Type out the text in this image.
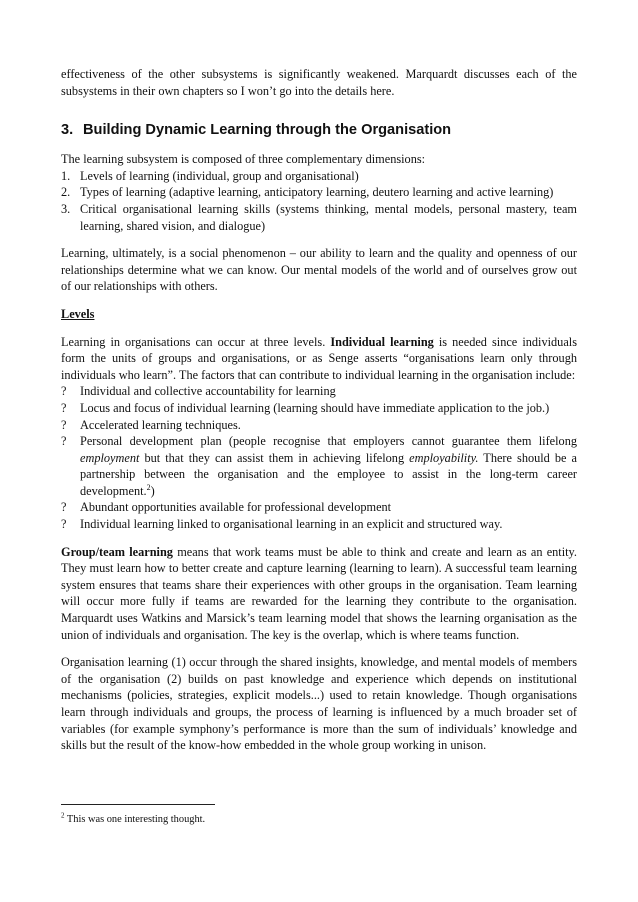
effectiveness of the other subsystems is significantly weakened. Marquardt discusses each of the subsystems in their own chapters so I won’t go into the details here.

3. Building Dynamic Learning through the Organisation

The learning subsystem is composed of three complementary dimensions:

1. Levels of learning (individual, group and organisational)
2. Types of learning (adaptive learning, anticipatory learning, deutero learning and active learning)
3. Critical organisational learning skills (systems thinking, mental models, personal mastery, team learning, shared vision, and dialogue)

Learning, ultimately, is a social phenomenon – our ability to learn and the quality and openness of our relationships determine what we can know. Our mental models of the world and of ourselves grow out of our relationships with others.

Levels

Learning in organisations can occur at three levels. Individual learning is needed since individuals form the units of groups and organisations, or as Senge asserts “organisations learn only through individuals who learn”. The factors that can contribute to individual learning in the organisation include:

? Individual and collective accountability for learning
? Locus and focus of individual learning (learning should have immediate application to the job.)
? Accelerated learning techniques.
? Personal development plan (people recognise that employers cannot guarantee them lifelong employment but that they can assist them in achieving lifelong employability. There should be a partnership between the organisation and the employee to assist in the long-term career development.$^2$)
? Abundant opportunities available for professional development
? Individual learning linked to organisational learning in an explicit and structured way.

Group/team learning means that work teams must be able to think and create and learn as an entity. They must learn how to better create and capture learning (learning to learn). A successful team learning system ensures that teams share their experiences with other groups in the organisation. Team learning will occur more fully if teams are rewarded for the learning they contribute to the organisation. Marquardt uses Watkins and Marsick’s team learning model that shows the learning organisation as the union of individuals and organisation. The key is the overlap, which is where teams function.

Organisation learning (1) occur through the shared insights, knowledge, and mental models of members of the organisation (2) builds on past knowledge and experience which depends on institutional mechanisms (policies, strategies, explicit models...) used to retain knowledge. Though organisations learn through individuals and groups, the process of learning is influenced by a much broader set of variables (for example symphony’s performance is more than the sum of individuals’ knowledge and skills but the result of the know-how embedded in the whole group working in unison.

$^2$ This was one interesting thought.
